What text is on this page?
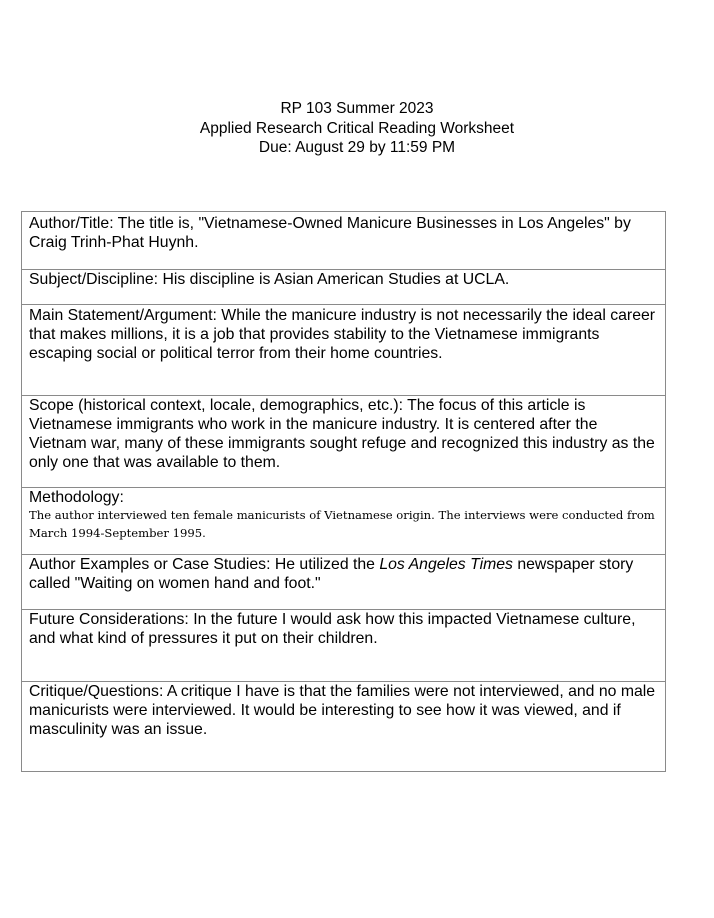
RP 103 Summer 2023
Applied Research Critical Reading Worksheet
Due: August 29 by 11:59 PM
Author/Title: The title is, "Vietnamese-Owned Manicure Businesses in Los Angeles" by Craig Trinh-Phat Huynh.
Subject/Discipline: His discipline is Asian American Studies at UCLA.
Main Statement/Argument: While the manicure industry is not necessarily the ideal career that makes millions, it is a job that provides stability to the Vietnamese immigrants escaping social or political terror from their home countries.
Scope (historical context, locale, demographics, etc.): The focus of this article is Vietnamese immigrants who work in the manicure industry. It is centered after the Vietnam war, many of these immigrants sought refuge and recognized this industry as the only one that was available to them.

Methodology:
The author interviewed ten female manicurists of Vietnamese origin. The interviews were conducted from March 1994-September 1995.

Author Examples or Case Studies: He utilized the Los Angeles Times newspaper story called "Waiting on women hand and foot."
Future Considerations: In the future I would ask how this impacted Vietnamese culture, and what kind of pressures it put on their children.
Critique/Questions: A critique I have is that the families were not interviewed, and no male manicurists were interviewed. It would be interesting to see how it was viewed, and if masculinity was an issue.
